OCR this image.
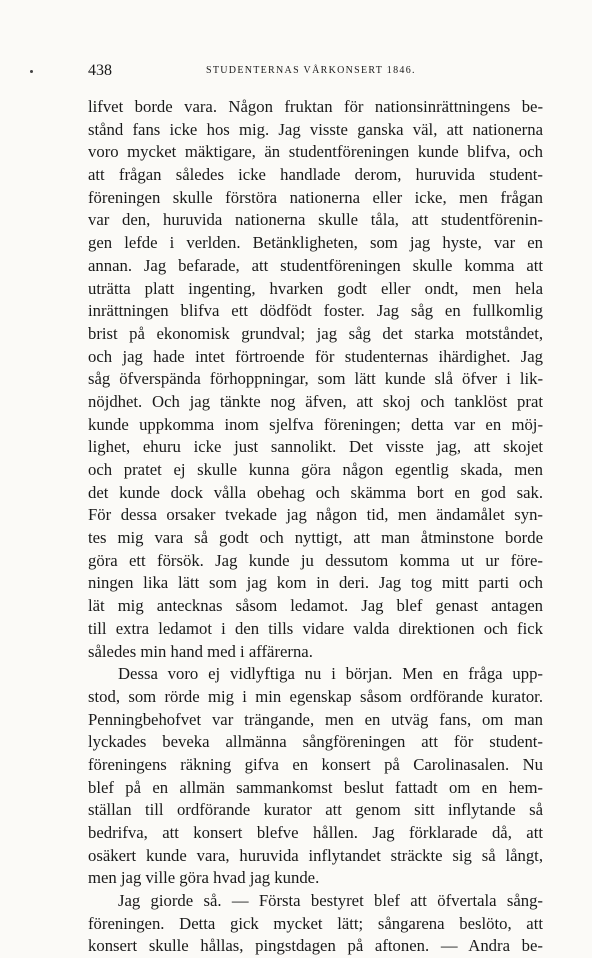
438	STUDENTERNAS VÅRKONSERT 1846.
lifvet borde vara. Någon fruktan för nationsinrättningens be-
stånd fans icke hos mig. Jag visste ganska väl, att nationerna
voro mycket mäktigare, än studentföreningen kunde blifva, och
att frågan således icke handlade derom, huruvida student-
föreningen skulle förstöra nationerna eller icke, men frågan
var den, huruvida nationerna skulle tåla, att studentförenin-
gen lefde i verlden. Betänkligheten, som jag hyste, var en
annan. Jag befarade, att studentföreningen skulle komma att
uträtta platt ingenting, hvarken godt eller ondt, men hela
inrättningen blifva ett dödfödt foster. Jag såg en fullkomlig
brist på ekonomisk grundval; jag såg det starka motståndet,
och jag hade intet förtroende för studenternas ihärdighet. Jag
såg öfverspända förhoppningar, som lätt kunde slå öfver i lik-
nöjdhet. Och jag tänkte nog äfven, att skoj och tanklöst prat
kunde uppkomma inom sjelfva föreningen; detta var en möj-
lighet, ehuru icke just sannolikt. Det visste jag, att skojet
och pratet ej skulle kunna göra någon egentlig skada, men
det kunde dock vålla obehag och skämma bort en god sak.
För dessa orsaker tvekade jag någon tid, men ändamålet syn-
tes mig vara så godt och nyttigt, att man åtminstone borde
göra ett försök. Jag kunde ju dessutom komma ut ur före-
ningen lika lätt som jag kom in deri. Jag tog mitt parti och
lät mig antecknas såsom ledamot. Jag blef genast antagen
till extra ledamot i den tills vidare valda direktionen och fick
således min hand med i affärerna.
Dessa voro ej vidlyftiga nu i början. Men en fråga upp-
stod, som rörde mig i min egenskap såsom ordförande kurator.
Penningbehofvet var trängande, men en utväg fans, om man
lyckades beveka allmänna sångföreningen att för student-
föreningens räkning gifva en konsert på Carolinasalen. Nu
blef på en allmän sammankomst beslut fattadt om en hem-
ställan till ordförande kurator att genom sitt inflytande så
bedrifva, att konsert blefve hållen. Jag förklarade då, att
osäkert kunde vara, huruvida inflytandet sträckte sig så långt,
men jag ville göra hvad jag kunde.
Jag giorde så. — Första bestyret blef att öfvertala sång-
föreningen. Detta gick mycket lätt; sångarena beslöto, att
konsert skulle hållas, pingstdagen på aftonen. — Andra be-
